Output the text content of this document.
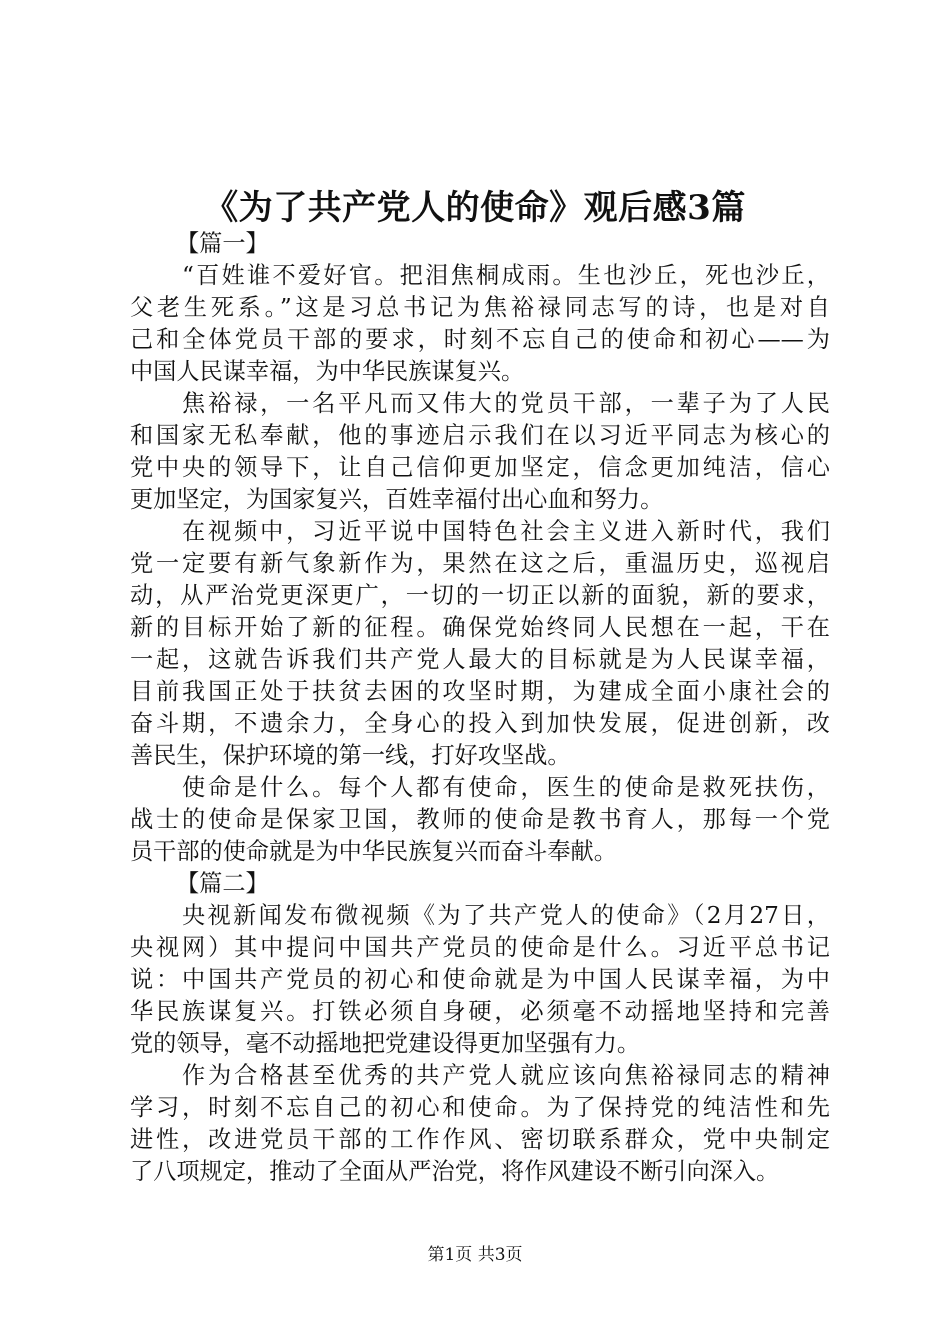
《为了共产党人的使命》观后感3篇
【篇一】
“百姓谁不爱好官。把泪焦桐成雨。生也沙丘，死也沙丘，
父老生死系。”这是习总书记为焦裕禄同志写的诗，也是对自
己和全体党员干部的要求，时刻不忘自己的使命和初心——为
中国人民谋幸福，为中华民族谋复兴。
焦裕禄，一名平凡而又伟大的党员干部，一辈子为了人民
和国家无私奉献，他的事迹启示我们在以习近平同志为核心的
党中央的领导下，让自己信仰更加坚定，信念更加纯洁，信心
更加坚定，为国家复兴，百姓幸福付出心血和努力。
在视频中，习近平说中国特色社会主义进入新时代，我们
党一定要有新气象新作为，果然在这之后，重温历史，巡视启
动，从严治党更深更广，一切的一切正以新的面貌，新的要求，
新的目标开始了新的征程。确保党始终同人民想在一起，干在
一起，这就告诉我们共产党人最大的目标就是为人民谋幸福，
目前我国正处于扶贫去困的攻坚时期，为建成全面小康社会的
奋斗期，不遗余力，全身心的投入到加快发展，促进创新，改
善民生，保护环境的第一线，打好攻坚战。
使命是什么。每个人都有使命，医生的使命是救死扶伤，
战士的使命是保家卫国，教师的使命是教书育人，那每一个党
员干部的使命就是为中华民族复兴而奋斗奉献。
【篇二】
央视新闻发布微视频《为了共产党人的使命》（2月27日，
央视网）其中提问中国共产党员的使命是什么。习近平总书记
说：中国共产党员的初心和使命就是为中国人民谋幸福，为中
华民族谋复兴。打铁必须自身硬，必须毫不动摇地坚持和完善
党的领导，毫不动摇地把党建设得更加坚强有力。
作为合格甚至优秀的共产党人就应该向焦裕禄同志的精神
学习，时刻不忘自己的初心和使命。为了保持党的纯洁性和先
进性，改进党员干部的工作作风、密切联系群众，党中央制定
了八项规定，推动了全面从严治党，将作风建设不断引向深入。
第1页 共3页
